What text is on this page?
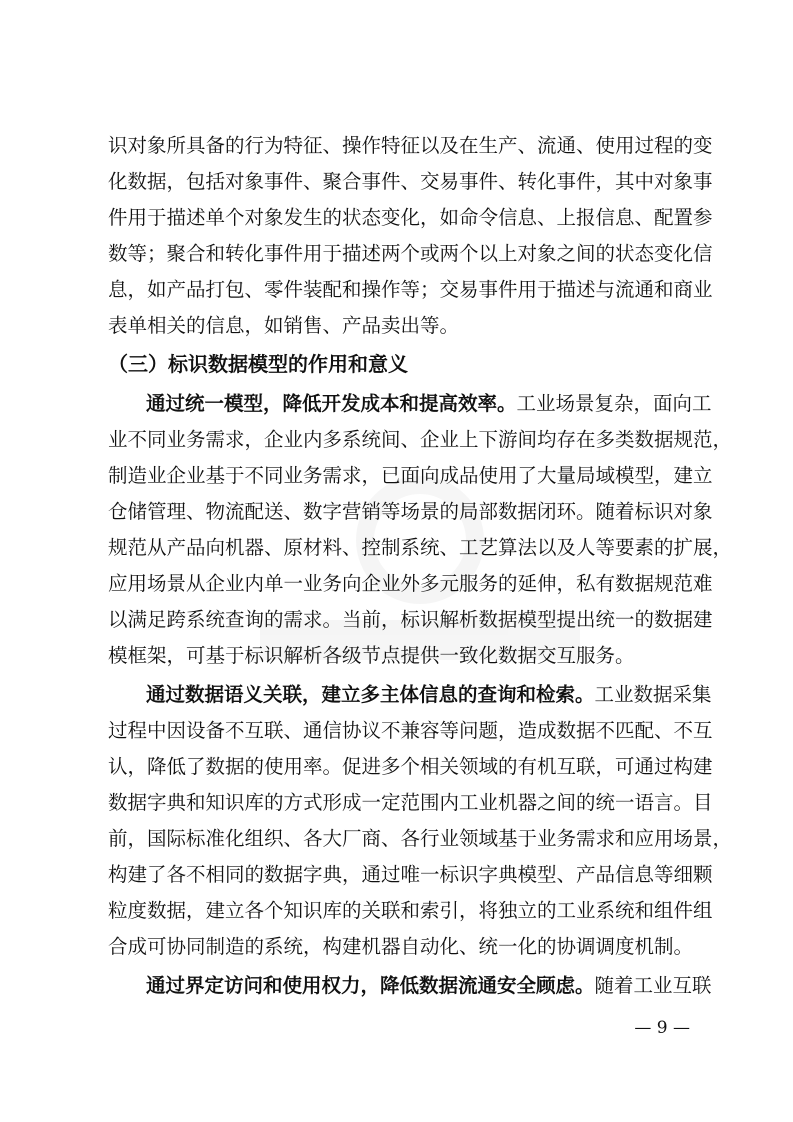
识对象所具备的行为特征、操作特征以及在生产、流通、使用过程的变
化数据，包括对象事件、聚合事件、交易事件、转化事件，其中对象事
件用于描述单个对象发生的状态变化，如命令信息、上报信息、配置参
数等；聚合和转化事件用于描述两个或两个以上对象之间的状态变化信
息，如产品打包、零件装配和操作等；交易事件用于描述与流通和商业
表单相关的信息，如销售、产品卖出等。
（三）标识数据模型的作用和意义
通过统一模型，降低开发成本和提高效率。工业场景复杂，面向工
业不同业务需求，企业内多系统间、企业上下游间均存在多类数据规范，
制造业企业基于不同业务需求，已面向成品使用了大量局域模型，建立
仓储管理、物流配送、数字营销等场景的局部数据闭环。随着标识对象
规范从产品向机器、原材料、控制系统、工艺算法以及人等要素的扩展，
应用场景从企业内单一业务向企业外多元服务的延伸，私有数据规范难
以满足跨系统查询的需求。当前，标识解析数据模型提出统一的数据建
模框架，可基于标识解析各级节点提供一致化数据交互服务。
通过数据语义关联，建立多主体信息的查询和检索。工业数据采集
过程中因设备不互联、通信协议不兼容等问题，造成数据不匹配、不互
认，降低了数据的使用率。促进多个相关领域的有机互联，可通过构建
数据字典和知识库的方式形成一定范围内工业机器之间的统一语言。目
前，国际标准化组织、各大厂商、各行业领域基于业务需求和应用场景，
构建了各不相同的数据字典，通过唯一标识字典模型、产品信息等细颗
粒度数据，建立各个知识库的关联和索引，将独立的工业系统和组件组
合成可协同制造的系统，构建机器自动化、统一化的协调调度机制。
通过界定访问和使用权力，降低数据流通安全顾虑。随着工业互联
— 9 —
